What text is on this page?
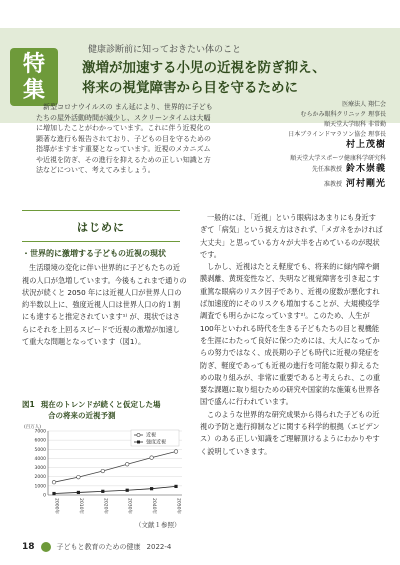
特
集
健康診断前に知っておきたい体のこと
激増が加速する小児の近視を防ぎ抑え、
将来の視覚障害から目を守るために

新型コロナウイルスの まん延により、世界的に子どもたちの屋外活動時間が減少し、スクリーンタイムは大幅に増加したことがわかっています。これに伴う近視化の顕著な進行も報告されており、子どもの目を守るための指導がますます重要となっています。近視のメカニズムや近視を防ぎ、その進行を抑えるための正しい知識と方法などについて、考えてみましょう。

医療法人 翔仁会
むらかみ眼科クリニック 理事長
順天堂大学眼科 非常勤
日本ブラインドマラソン協会 理事長
村上茂樹
順天堂大学スポーツ健康科学研究科
先任准教授 鈴木崇義
准教授 河村剛光
はじめに
・世界的に激増する子どもの近視の現状

生活環境の変化に伴い世界的に子どもたちの近視の人口が急増しています。今後もこれまで通りの状況が続くと 2050 年には近視人口が世界人口の約半数以上に、強度近視人口は世界人口の約１割にも達すると推定されています¹⁾ が、現状ではさらにそれを上回るスピードで近視の激増が加速して重大な問題となっています（図1）。

図1 現在のトレンドが続くと仮定した場
合の将来の近視予測
(百万人)
0
1000
2000
3000
4000
5000
6000
7000
2000年	2010年	2020年	2030年	2040年	2050年
近視
強度近視
（文献１参照）

一般的には、「近視」という眼病はあまりにも身近すぎて「病気」という捉え方はされず、「メガネをかければ大丈夫」と思っている方々が大半を占めているのが現状です。

しかし、近視はたとえ軽度でも、将来的に緑内障や網膜剥離、黄斑変性など、失明など視覚障害を引き起こす重篤な眼病のリスク因子であり、近視の度数が悪化すれば加速度的にそのリスクも増加することが、大規模疫学調査でも明らかになっています²⁾。このため、人生が100年といわれる時代を生きる子どもたちの目と視機能を生涯にわたって良好に保つためには、大人になってからの努力ではなく、成長期の子ども時代に近視の発症を防ぎ、軽度であっても近視の進行を可能な限り抑えるための取り組みが、非常に重要であると考えられ、この重要な課題に取り組むための研究や国家的な施策も世界各国で盛んに行われています。

このような世界的な研究成果から得られた子どもの近視の予防と進行抑制などに関する科学的根拠（エビデンス）のある正しい知識をご理解頂けるようにわかりやすく説明していきます。

18	子どもと教育のための健康 2022-4
